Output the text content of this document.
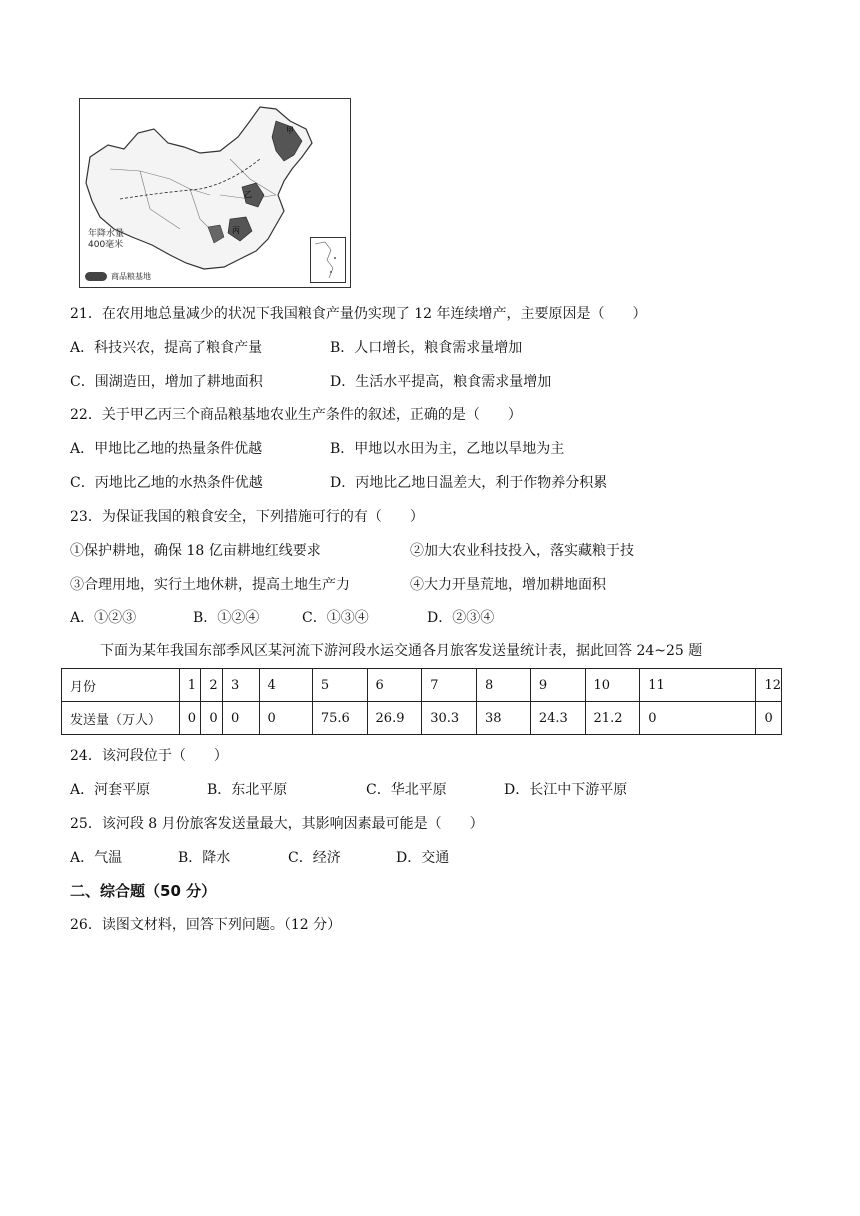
甲
乙
丙
年降水量
400毫米
商品粮基地
21．在农用地总量减少的状况下我国粮食产量仍实现了 12 年连续增产，主要原因是（　　）
A．科技兴农，提高了粮食产量	B．人口增长，粮食需求量增加
C．围湖造田，增加了耕地面积	D．生活水平提高，粮食需求量增加
22．关于甲乙丙三个商品粮基地农业生产条件的叙述，正确的是（　　）
A．甲地比乙地的热量条件优越	B．甲地以水田为主，乙地以旱地为主
C．丙地比乙地的水热条件优越	D．丙地比乙地日温差大，利于作物养分积累
23．为保证我国的粮食安全，下列措施可行的有（　　）
①保护耕地，确保 18 亿亩耕地红线要求	②加大农业科技投入，落实藏粮于技
③合理用地，实行土地休耕，提高土地生产力	④大力开垦荒地，增加耕地面积
A．①②③	B．①②④	C．①③④	D．②③④
下面为某年我国东部季风区某河流下游河段水运交通各月旅客发送量统计表，据此回答 24~25 题
月份	1	2	3	4	5	6	7	8	9	10	11	12
发送量（万人）	0	0	0	0	75.6	26.9	30.3	38	24.3	21.2	0	0
24．该河段位于（　　）
A．河套平原	B．东北平原	C．华北平原	D．长江中下游平原
25．该河段 8 月份旅客发送量最大，其影响因素最可能是（　　）
A．气温	B．降水	C．经济	D．交通
二、综合题（50 分）
26．读图文材料，回答下列问题。（12 分）
